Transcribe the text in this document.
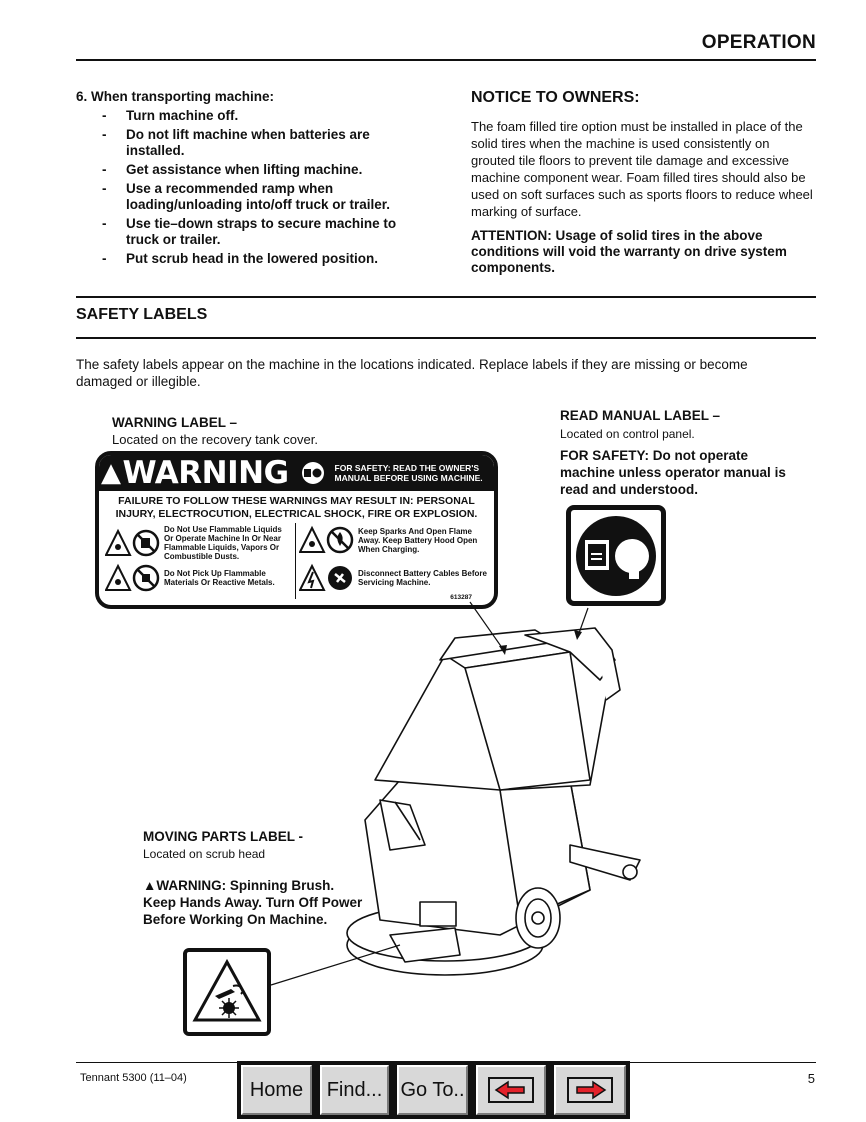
OPERATION
6. When transporting machine:
- Turn machine off.
- Do not lift machine when batteries are installed.
- Get assistance when lifting machine.
- Use a recommended ramp when loading/unloading into/off truck or trailer.
- Use tie–down straps to secure machine to truck or trailer.
- Put scrub head in the lowered position.
NOTICE TO OWNERS:

The foam filled tire option must be installed in place of the solid tires when the machine is used consistently on grouted tile floors to prevent tile damage and excessive machine component wear. Foam filled tires should also be used on soft surfaces such as sports floors to reduce wheel marking of surface.

ATTENTION: Usage of solid tires in the above conditions will void the warranty on drive system components.

SAFETY LABELS
The safety labels appear on the machine in the locations indicated. Replace labels if they are missing or become damaged or illegible.
WARNING LABEL –
Located on the recovery tank cover.
▲ WARNING	FOR SAFETY: READ THE OWNER'S MANUAL BEFORE USING MACHINE.
FAILURE TO FOLLOW THESE WARNINGS MAY RESULT IN: PERSONAL INJURY, ELECTROCUTION, ELECTRICAL SHOCK, FIRE OR EXPLOSION.
Do Not Use Flammable Liquids Or Operate Machine In Or Near Flammable Liquids, Vapors Or Combustible Dusts.
Keep Sparks And Open Flame Away. Keep Battery Hood Open When Charging.
Do Not Pick Up Flammable Materials Or Reactive Metals.
Disconnect Battery Cables Before Servicing Machine.
613287
READ MANUAL LABEL –
Located on control panel.
FOR SAFETY: Do not operate machine unless operator manual is read and understood.
MOVING PARTS LABEL -
Located on scrub head
▲WARNING: Spinning Brush. Keep Hands Away. Turn Off Power Before Working On Machine.
Tennant 5300 (11–04)	5
Home	Find... Go To..
